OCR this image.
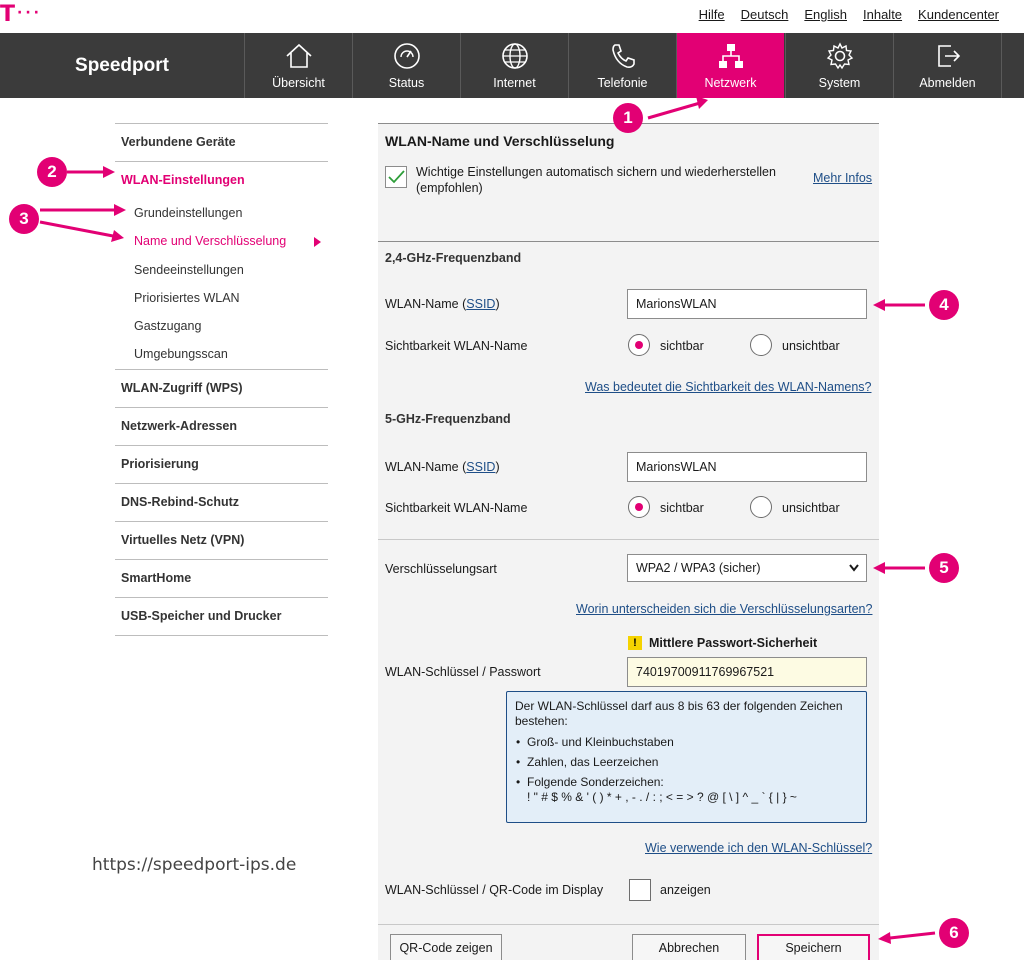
T···	Hilfe Deutsch English Inhalte Kundencenter
Speedport
Übersicht	Status	Internet	Telefonie	Netzwerk	System	Abmelden
Verbundene Geräte
WLAN-Einstellungen
Grundeinstellungen
Name und Verschlüsselung
Sendeeinstellungen
Priorisiertes WLAN
Gastzugang
Umgebungsscan
WLAN-Zugriff (WPS)
Netzwerk-Adressen
Priorisierung
DNS-Rebind-Schutz
Virtuelles Netz (VPN)
SmartHome
USB-Speicher und Drucker
WLAN-Name und Verschlüsselung
Wichtige Einstellungen automatisch sichern und wiederherstellen (empfohlen)
Mehr Infos
2,4-GHz-Frequenzband
WLAN-Name (SSID)	MarionsWLAN
Sichtbarkeit WLAN-Name	sichtbar	unsichtbar
Was bedeutet die Sichtbarkeit des WLAN-Namens?
5-GHz-Frequenzband
WLAN-Name (SSID)	MarionsWLAN
Sichtbarkeit WLAN-Name	sichtbar	unsichtbar
Verschlüsselungsart	WPA2 / WPA3 (sicher)
Worin unterscheiden sich die Verschlüsselungsarten?
! Mittlere Passwort-Sicherheit
WLAN-Schlüssel / Passwort	74019700911769967521
Der WLAN-Schlüssel darf aus 8 bis 63 der folgenden Zeichen bestehen:
• Groß- und Kleinbuchstaben
• Zahlen, das Leerzeichen
• Folgende Sonderzeichen:
! " # $ % & ' ( ) * + , - . / : ; < = > ? @ [ \ ] ^ _ ` { | } ~
Wie verwende ich den WLAN-Schlüssel?
WLAN-Schlüssel / QR-Code im Display	anzeigen
QR-Code zeigen	Abbrechen	Speichern
https://speedport-ips.de
1
2
3
4
5
6
